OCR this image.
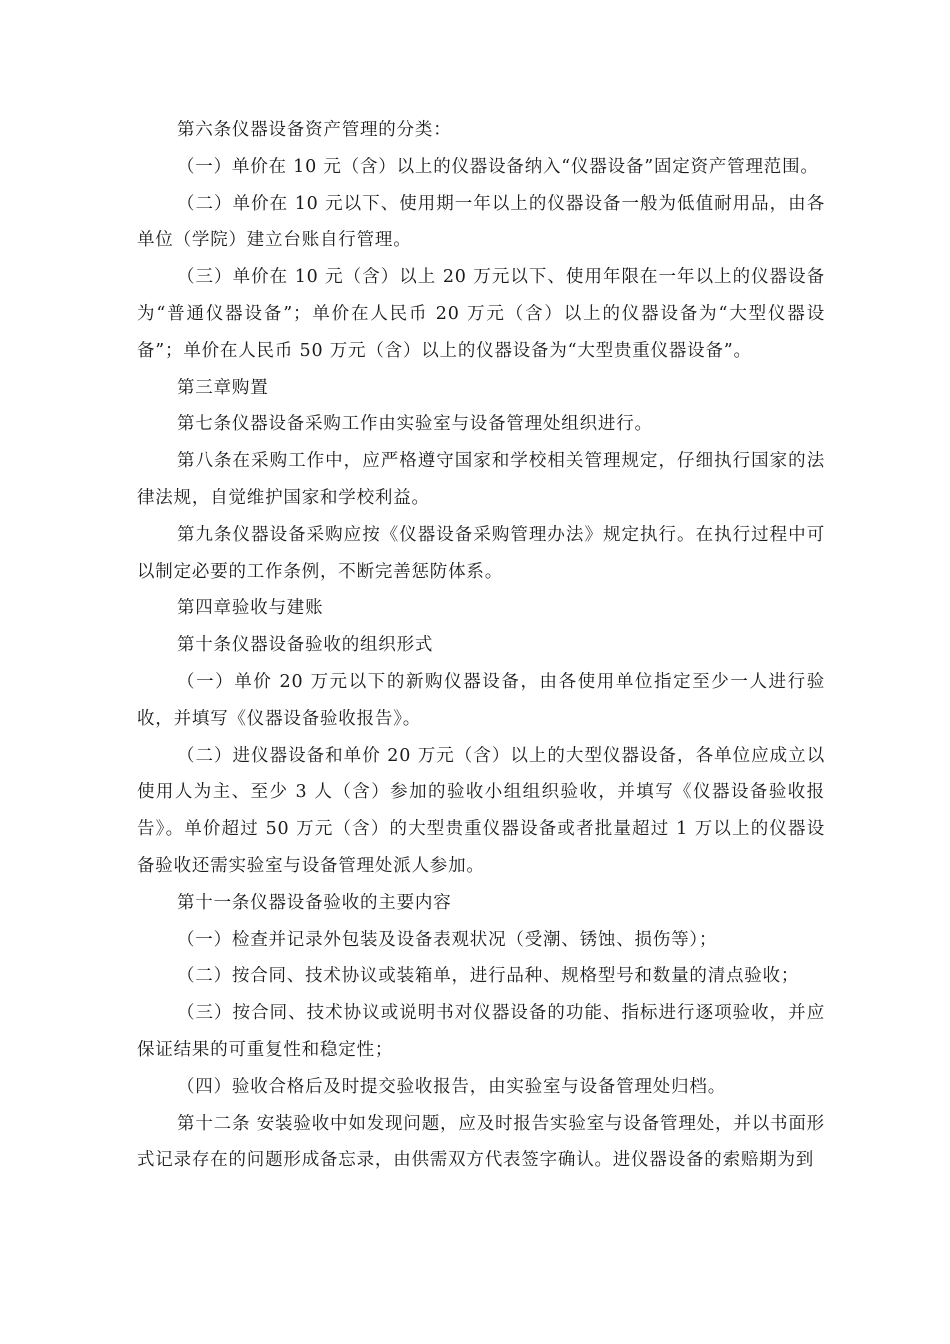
第六条仪器设备资产管理的分类：

（一）单价在 10 元（含）以上的仪器设备纳入“仪器设备”固定资产管理范围。

（二）单价在 10 元以下、使用期一年以上的仪器设备一般为低值耐用品，由各单位（学院）建立台账自行管理。

（三）单价在 10 元（含）以上 20 万元以下、使用年限在一年以上的仪器设备为“普通仪器设备”；单价在人民币 20 万元（含）以上的仪器设备为“大型仪器设备”；单价在人民币 50 万元（含）以上的仪器设备为“大型贵重仪器设备”。

第三章购置

第七条仪器设备采购工作由实验室与设备管理处组织进行。

第八条在采购工作中，应严格遵守国家和学校相关管理规定，仔细执行国家的法律法规，自觉维护国家和学校利益。

第九条仪器设备采购应按《仪器设备采购管理办法》规定执行。在执行过程中可以制定必要的工作条例，不断完善惩防体系。

第四章验收与建账

第十条仪器设备验收的组织形式

（一）单价 20 万元以下的新购仪器设备，由各使用单位指定至少一人进行验收，并填写《仪器设备验收报告》。

（二）进仪器设备和单价 20 万元（含）以上的大型仪器设备，各单位应成立以使用人为主、至少 3 人（含）参加的验收小组组织验收，并填写《仪器设备验收报告》。单价超过 50 万元（含）的大型贵重仪器设备或者批量超过 1 万以上的仪器设备验收还需实验室与设备管理处派人参加。

第十一条仪器设备验收的主要内容

（一）检查并记录外包装及设备表观状况（受潮、锈蚀、损伤等）；

（二）按合同、技术协议或装箱单，进行品种、规格型号和数量的清点验收；

（三）按合同、技术协议或说明书对仪器设备的功能、指标进行逐项验收，并应保证结果的可重复性和稳定性；

（四）验收合格后及时提交验收报告，由实验室与设备管理处归档。

第十二条 安装验收中如发现问题，应及时报告实验室与设备管理处，并以书面形式记录存在的问题形成备忘录，由供需双方代表签字确认。进仪器设备的索赔期为到
